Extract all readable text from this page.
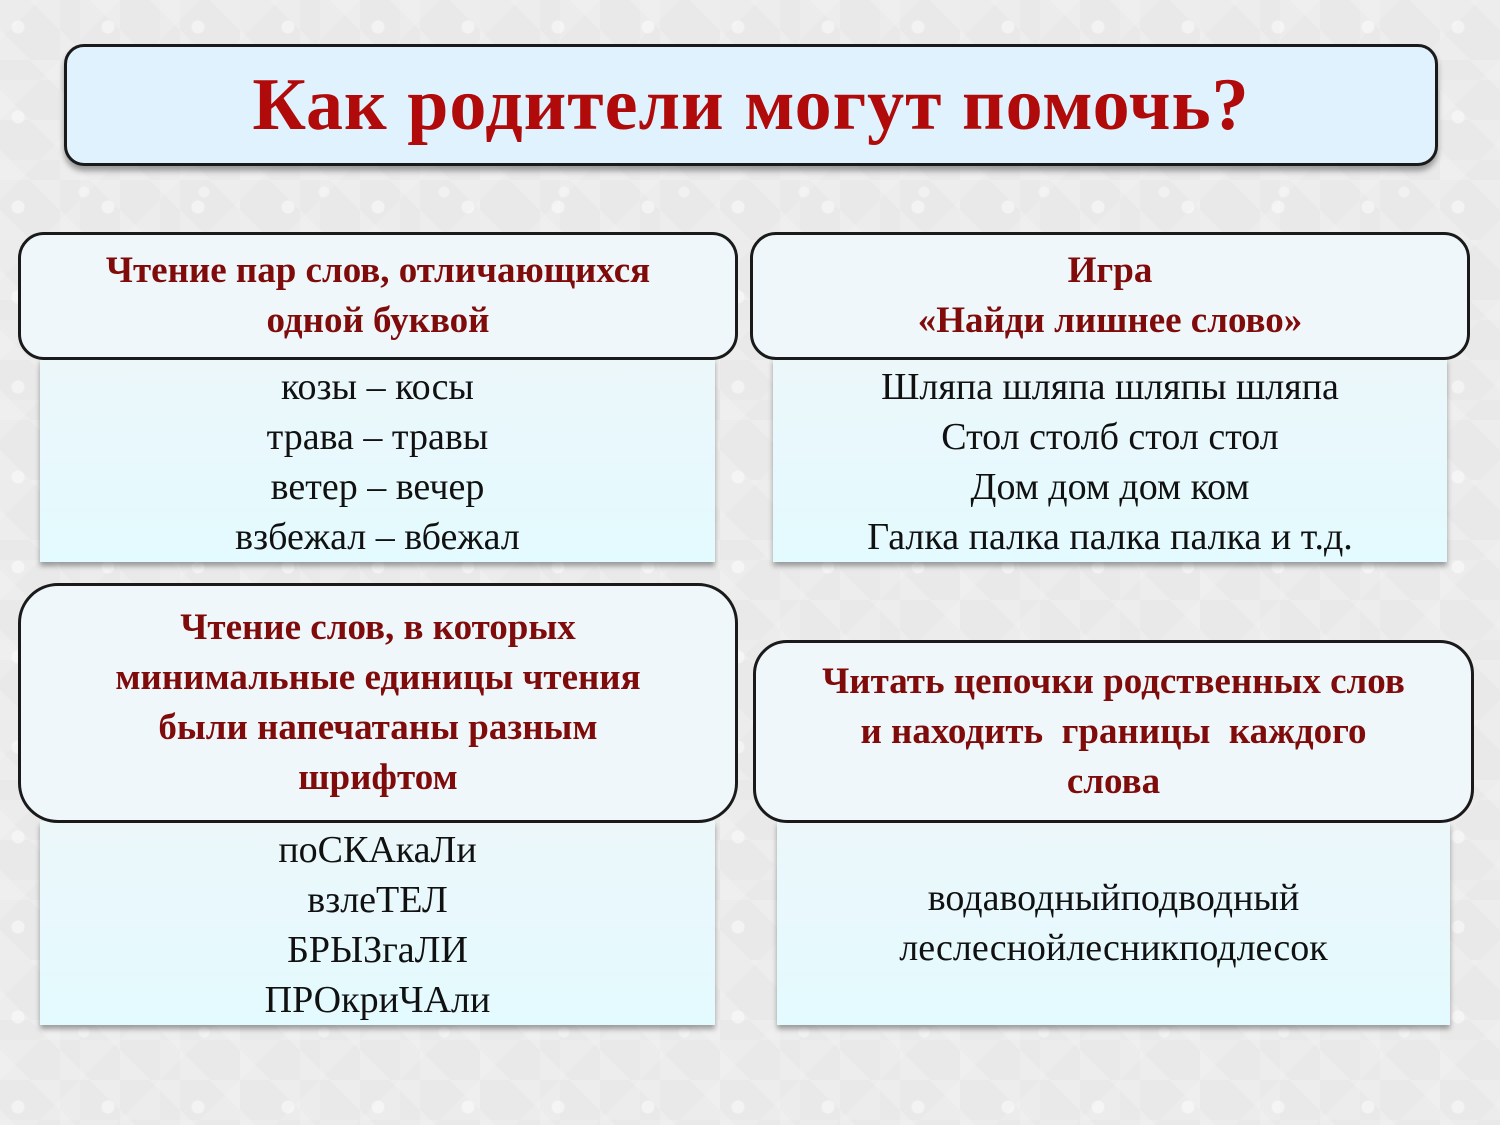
Как родители могут помочь?
Чтение пар слов, отличающихся
одной буквой
козы – косы
трава – травы
ветер – вечер
взбежал – вбежал
Игра
«Найди лишнее слово»
Шляпа шляпа шляпы шляпа
Стол столб стол стол
Дом дом дом ком
Галка палка палка палка и т.д.
Чтение слов, в которых
минимальные единицы чтения
были напечатаны разным
шрифтом
поСКАкаЛи
взлеТЕЛ
БРЫЗгаЛИ
ПРОкриЧАли
Читать цепочки родственных слов
и находить  границы  каждого
слова
водаводныйподводный
леслеснойлесникподлесок
